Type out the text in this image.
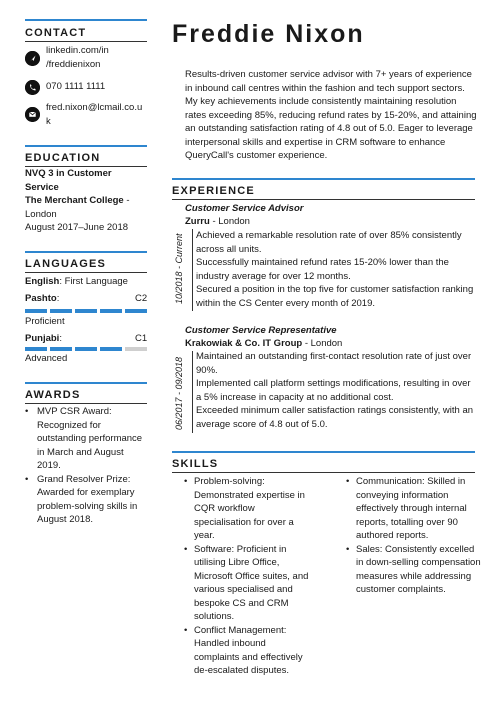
CONTACT
linkedin.com/in
/freddienixon
070 1111 1111
fred.nixon@lcmail.co.u
k
EDUCATION
NVQ 3 in Customer
Service
The Merchant College -
London
August 2017–June 2018
LANGUAGES
English: First Language
Pashto:	C2
Proficient
Punjabi:	C1
Advanced
AWARDS
• MVP CSR Award: Recognized for outstanding performance in March and August 2019.
• Grand Resolver Prize: Awarded for exemplary problem-solving skills in August 2018.
Freddie Nixon
Results-driven customer service advisor with 7+ years of experience in inbound call centres within the fashion and tech support sectors. My key achievements include consistently maintaining resolution rates exceeding 85%, reducing refund rates by 15-20%, and attaining an outstanding satisfaction rating of 4.8 out of 5.0. Eager to leverage interpersonal skills and expertise in CRM software to enhance QueryCall's customer experience.
EXPERIENCE
Customer Service Advisor
Zurru - London
10/2018 - Current Achieved a remarkable resolution rate of over 85% consistently across all units.
Successfully maintained refund rates 15-20% lower than the industry average for over 12 months.
Secured a position in the top five for customer satisfaction ranking within the CS Center every month of 2019.
Customer Service Representative
Krakowiak & Co. IT Group - London
06/2017 - 09/2018
Maintained an outstanding first-contact resolution rate of just over 90%.
Implemented call platform settings modifications, resulting in over a 5% increase in capacity at no additional cost.
Exceeded minimum caller satisfaction ratings consistently, with an average score of 4.8 out of 5.0.
SKILLS
• Problem-solving: Demonstrated expertise in CQR workflow specialisation for over a year.
• Software: Proficient in utilising Libre Office, Microsoft Office suites, and various specialised and bespoke CS and CRM solutions.
• Conflict Management: Handled inbound complaints and effectively de-escalated disputes.
• Communication: Skilled in conveying information effectively through internal reports, totalling over 90 authored reports.
• Sales: Consistently excelled in down-selling compensation measures while addressing customer complaints.
